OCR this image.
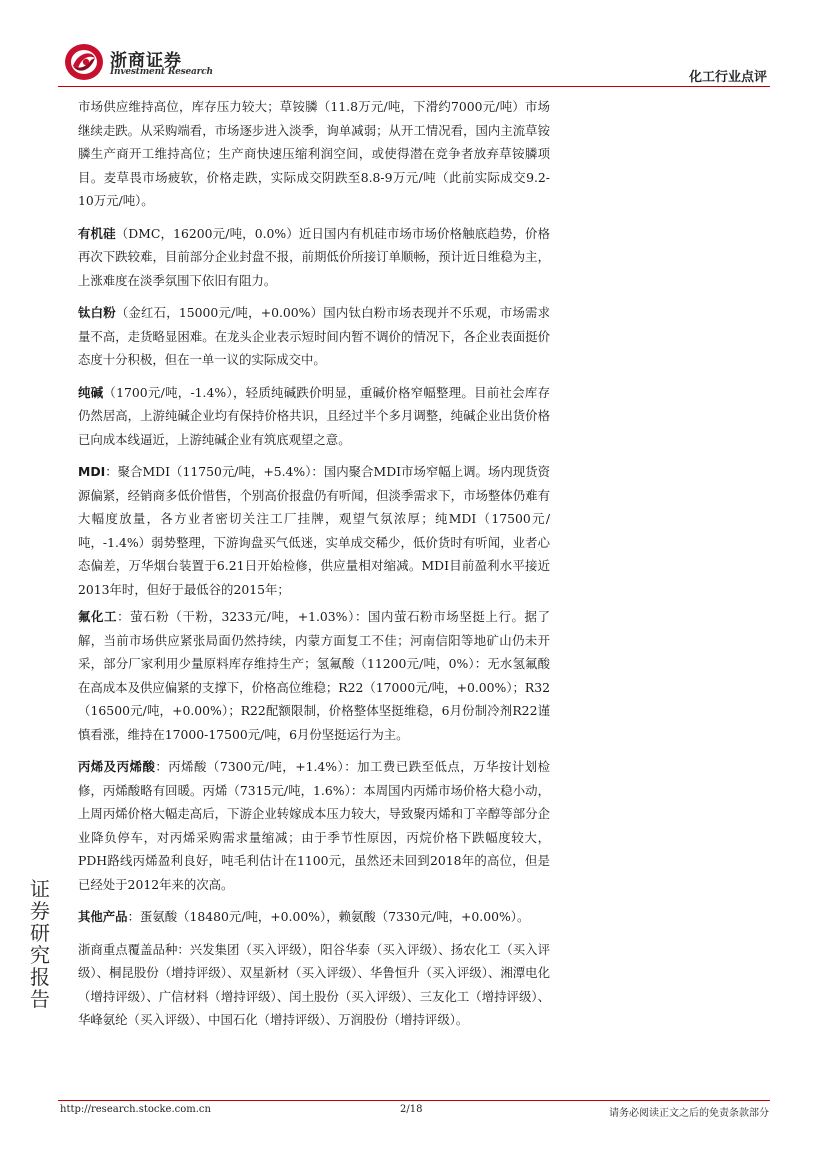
浙商证券
Investment Research	化工行业点评

市场供应维持高位，库存压力较大；草铵膦（11.8万元/吨，下滑约7000元/吨）市场继续走跌。从采购端看，市场逐步进入淡季，询单减弱；从开工情况看，国内主流草铵膦生产商开工维持高位；生产商快速压缩利润空间，或使得潜在竞争者放弃草铵膦项目。麦草畏市场疲软，价格走跌，实际成交阴跌至8.8-9万元/吨（此前实际成交9.2-10万元/吨）。

有机硅（DMC，16200元/吨，0.0%）近日国内有机硅市场市场价格触底趋势，价格再次下跌较难，目前部分企业封盘不报，前期低价所接订单顺畅，预计近日维稳为主，上涨难度在淡季氛围下依旧有阻力。

钛白粉（金红石，15000元/吨，+0.00%）国内钛白粉市场表现并不乐观，市场需求量不高，走货略显困难。在龙头企业表示短时间内暂不调价的情况下，各企业表面挺价态度十分积极，但在一单一议的实际成交中。

纯碱（1700元/吨，-1.4%），轻质纯碱跌价明显，重碱价格窄幅整理。目前社会库存仍然居高，上游纯碱企业均有保持价格共识，且经过半个多月调整，纯碱企业出货价格已向成本线逼近，上游纯碱企业有筑底观望之意。

MDI：聚合MDI（11750元/吨，+5.4%）：国内聚合MDI市场窄幅上调。场内现货资源偏紧，经销商多低价惜售，个别高价报盘仍有听闻，但淡季需求下，市场整体仍难有大幅度放量，各方业者密切关注工厂挂牌，观望气氛浓厚；纯MDI（17500元/吨，-1.4%）弱势整理，下游询盘买气低迷，实单成交稀少，低价货时有听闻，业者心态偏差，万华烟台装置于6.21日开始检修，供应量相对缩减。MDI目前盈利水平接近2013年时，但好于最低谷的2015年；

氟化工：萤石粉（干粉，3233元/吨，+1.03%）：国内萤石粉市场坚挺上行。据了解，当前市场供应紧张局面仍然持续，内蒙方面复工不佳；河南信阳等地矿山仍未开采，部分厂家利用少量原料库存维持生产；氢氟酸（11200元/吨，0%）：无水氢氟酸在高成本及供应偏紧的支撑下，价格高位维稳；R22（17000元/吨，+0.00%）；R32（16500元/吨，+0.00%）；R22配额限制，价格整体坚挺维稳，6月份制冷剂R22谨慎看涨，维持在17000-17500元/吨，6月份坚挺运行为主。

丙烯及丙烯酸：丙烯酸（7300元/吨，+1.4%）：加工费已跌至低点，万华按计划检修，丙烯酸略有回暖。丙烯（7315元/吨，1.6%）：本周国内丙烯市场价格大稳小动，上周丙烯价格大幅走高后，下游企业转嫁成本压力较大，导致聚丙烯和丁辛醇等部分企业降负停车，对丙烯采购需求量缩减；由于季节性原因，丙烷价格下跌幅度较大，PDH路线丙烯盈利良好，吨毛利估计在1100元，虽然还未回到2018年的高位，但是已经处于2012年来的次高。

其他产品：蛋氨酸（18480元/吨，+0.00%），赖氨酸（7330元/吨，+0.00%）。

浙商重点覆盖品种：兴发集团（买入评级），阳谷华泰（买入评级）、扬农化工（买入评级）、桐昆股份（增持评级）、双星新材（买入评级）、华鲁恒升（买入评级）、湘潭电化（增持评级）、广信材料（增持评级）、闰土股份（买入评级）、三友化工（增持评级）、华峰氨纶（买入评级）、中国石化（增持评级）、万润股份（增持评级）。

证
券
研
究
报
告
http://research.stocke.com.cn	2/18	请务必阅读正文之后的免责条款部分
